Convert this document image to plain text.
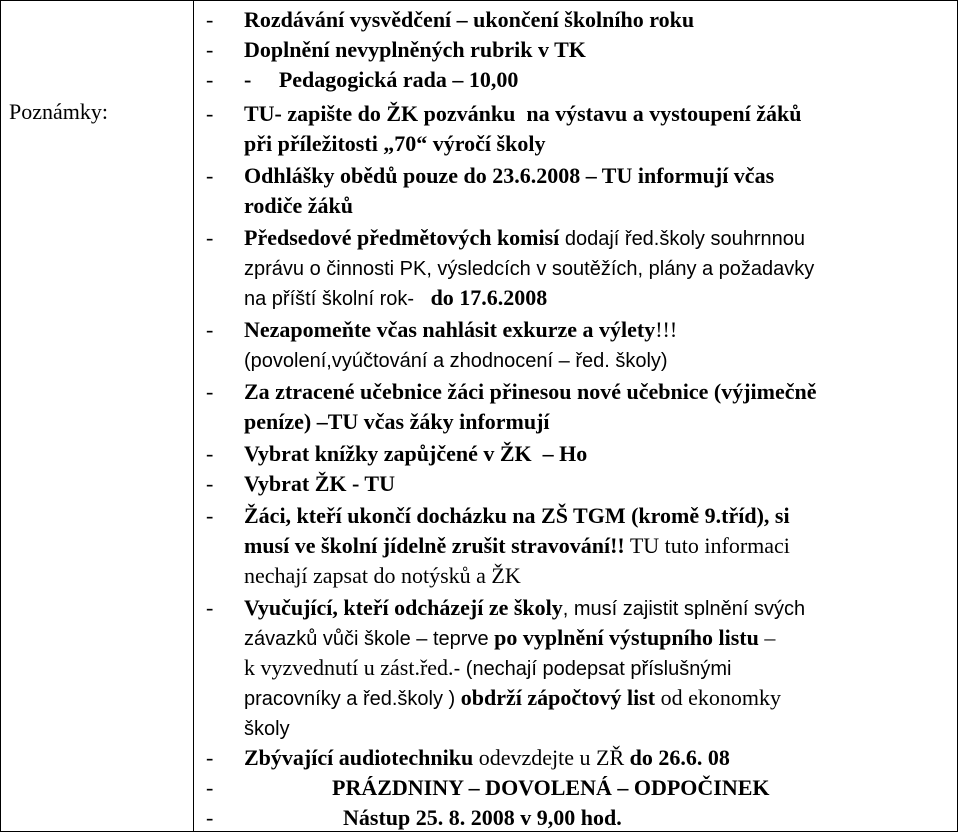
Poznámky:
- Rozdávání vysvědčení – ukončení školního roku
- Doplnění nevyplněných rubrik v TK
- -     Pedagogická rada – 10,00
- TU- zapište do ŽK pozvánku  na výstavu a vystoupení žáků
při příležitosti „70“ výročí školy
- Odhlášky obědů pouze do 23.6.2008 – TU informují včas
rodiče žáků
- Předsedové předmětových komisí dodají řed.školy souhrnnou
zprávu o činnosti PK, výsledcích v soutěžích, plány a požadavky
na příští školní rok-   do 17.6.2008
- Nezapomeňte včas nahlásit exkurze a výlety!!!
(povolení,vyúčtování a zhodnocení – řed. školy)
- Za ztracené učebnice žáci přinesou nové učebnice (výjimečně
peníze) –TU včas žáky informují
- Vybrat knížky zapůjčené v ŽK  – Ho
- Vybrat ŽK - TU
- Žáci, kteří ukončí docházku na ZŠ TGM (kromě 9.tříd), si
musí ve školní jídelně zrušit stravování!! TU tuto informaci
nechají zapsat do notýsků a ŽK
- Vyučující, kteří odcházejí ze školy, musí zajistit splnění svých
závazků vůči škole – teprve po vyplnění výstupního listu –
k vyzvednutí u zást.řed.- (nechají podepsat příslušnými
pracovníky a řed.školy ) obdrží zápočtový list od ekonomky
školy
- Zbývající audiotechniku odevzdejte u ZŘ do 26.6. 08
- PRÁZDNINY – DOVOLENÁ – ODPOČINEK
- Nástup 25. 8. 2008 v 9,00 hod.
